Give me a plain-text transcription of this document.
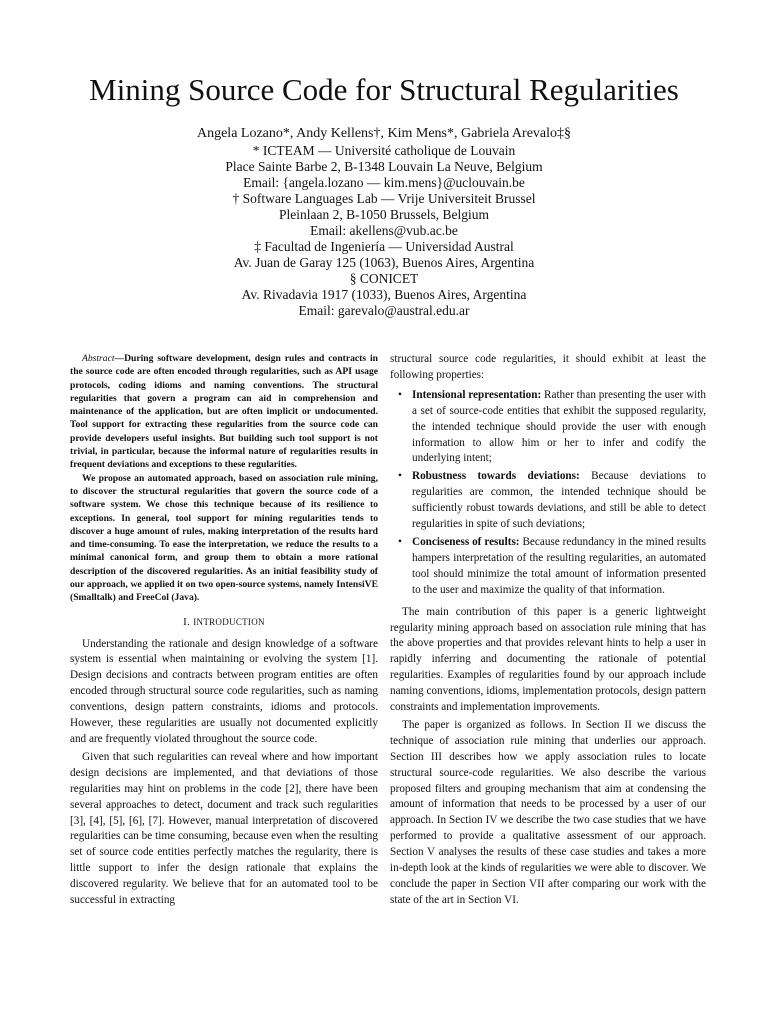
Mining Source Code for Structural Regularities
Angela Lozano*, Andy Kellens†, Kim Mens*, Gabriela Arevalo‡§
* ICTEAM — Université catholique de Louvain
Place Sainte Barbe 2, B-1348 Louvain La Neuve, Belgium
Email: {angela.lozano — kim.mens}@uclouvain.be
† Software Languages Lab — Vrije Universiteit Brussel
Pleinlaan 2, B-1050 Brussels, Belgium
Email: akellens@vub.ac.be
‡ Facultad de Ingeniería — Universidad Austral
Av. Juan de Garay 125 (1063), Buenos Aires, Argentina
§ CONICET
Av. Rivadavia 1917 (1033), Buenos Aires, Argentina
Email: garevalo@austral.edu.ar

Abstract—During software development, design rules and contracts in the source code are often encoded through regularities, such as API usage protocols, coding idioms and naming conventions. The structural regularities that govern a program can aid in comprehension and maintenance of the application, but are often implicit or undocumented. Tool support for extracting these regularities from the source code can provide developers useful insights. But building such tool support is not trivial, in particular, because the informal nature of regularities results in frequent deviations and exceptions to these regularities.

We propose an automated approach, based on association rule mining, to discover the structural regularities that govern the source code of a software system. We chose this technique because of its resilience to exceptions. In general, tool support for mining regularities tends to discover a huge amount of rules, making interpretation of the results hard and time-consuming. To ease the interpretation, we reduce the results to a minimal canonical form, and group them to obtain a more rational description of the discovered regularities. As an initial feasibility study of our approach, we applied it on two open-source systems, namely IntensiVE (Smalltalk) and FreeCol (Java).

I. INTRODUCTION

Understanding the rationale and design knowledge of a software system is essential when maintaining or evolving the system [1]. Design decisions and contracts between program entities are often encoded through structural source code regularities, such as naming conventions, design pattern constraints, idioms and protocols. However, these regularities are usually not documented explicitly and are frequently violated throughout the source code.

Given that such regularities can reveal where and how important design decisions are implemented, and that deviations of those regularities may hint on problems in the code [2], there have been several approaches to detect, document and track such regularities [3], [4], [5], [6], [7]. However, manual interpretation of discovered regularities can be time consuming, because even when the resulting set of source code entities perfectly matches the regularity, there is little support to infer the design rationale that explains the discovered regularity. We believe that for an automated tool to be successful in extracting

structural source code regularities, it should exhibit at least the following properties:

• Intensional representation: Rather than presenting the user with a set of source-code entities that exhibit the supposed regularity, the intended technique should provide the user with enough information to allow him or her to infer and codify the underlying intent;
• Robustness towards deviations: Because deviations to regularities are common, the intended technique should be sufficiently robust towards deviations, and still be able to detect regularities in spite of such deviations;
• Conciseness of results: Because redundancy in the mined results hampers interpretation of the resulting regularities, an automated tool should minimize the total amount of information presented to the user and maximize the quality of that information.

The main contribution of this paper is a generic lightweight regularity mining approach based on association rule mining that has the above properties and that provides relevant hints to help a user in rapidly inferring and documenting the rationale of potential regularities. Examples of regularities found by our approach include naming conventions, idioms, implementation protocols, design pattern constraints and implementation improvements.

The paper is organized as follows. In Section II we discuss the technique of association rule mining that underlies our approach. Section III describes how we apply association rules to locate structural source-code regularities. We also describe the various proposed filters and grouping mechanism that aim at condensing the amount of information that needs to be processed by a user of our approach. In Section IV we describe the two case studies that we have performed to provide a qualitative assessment of our approach. Section V analyses the results of these case studies and takes a more in-depth look at the kinds of regularities we were able to discover. We conclude the paper in Section VII after comparing our work with the state of the art in Section VI.
